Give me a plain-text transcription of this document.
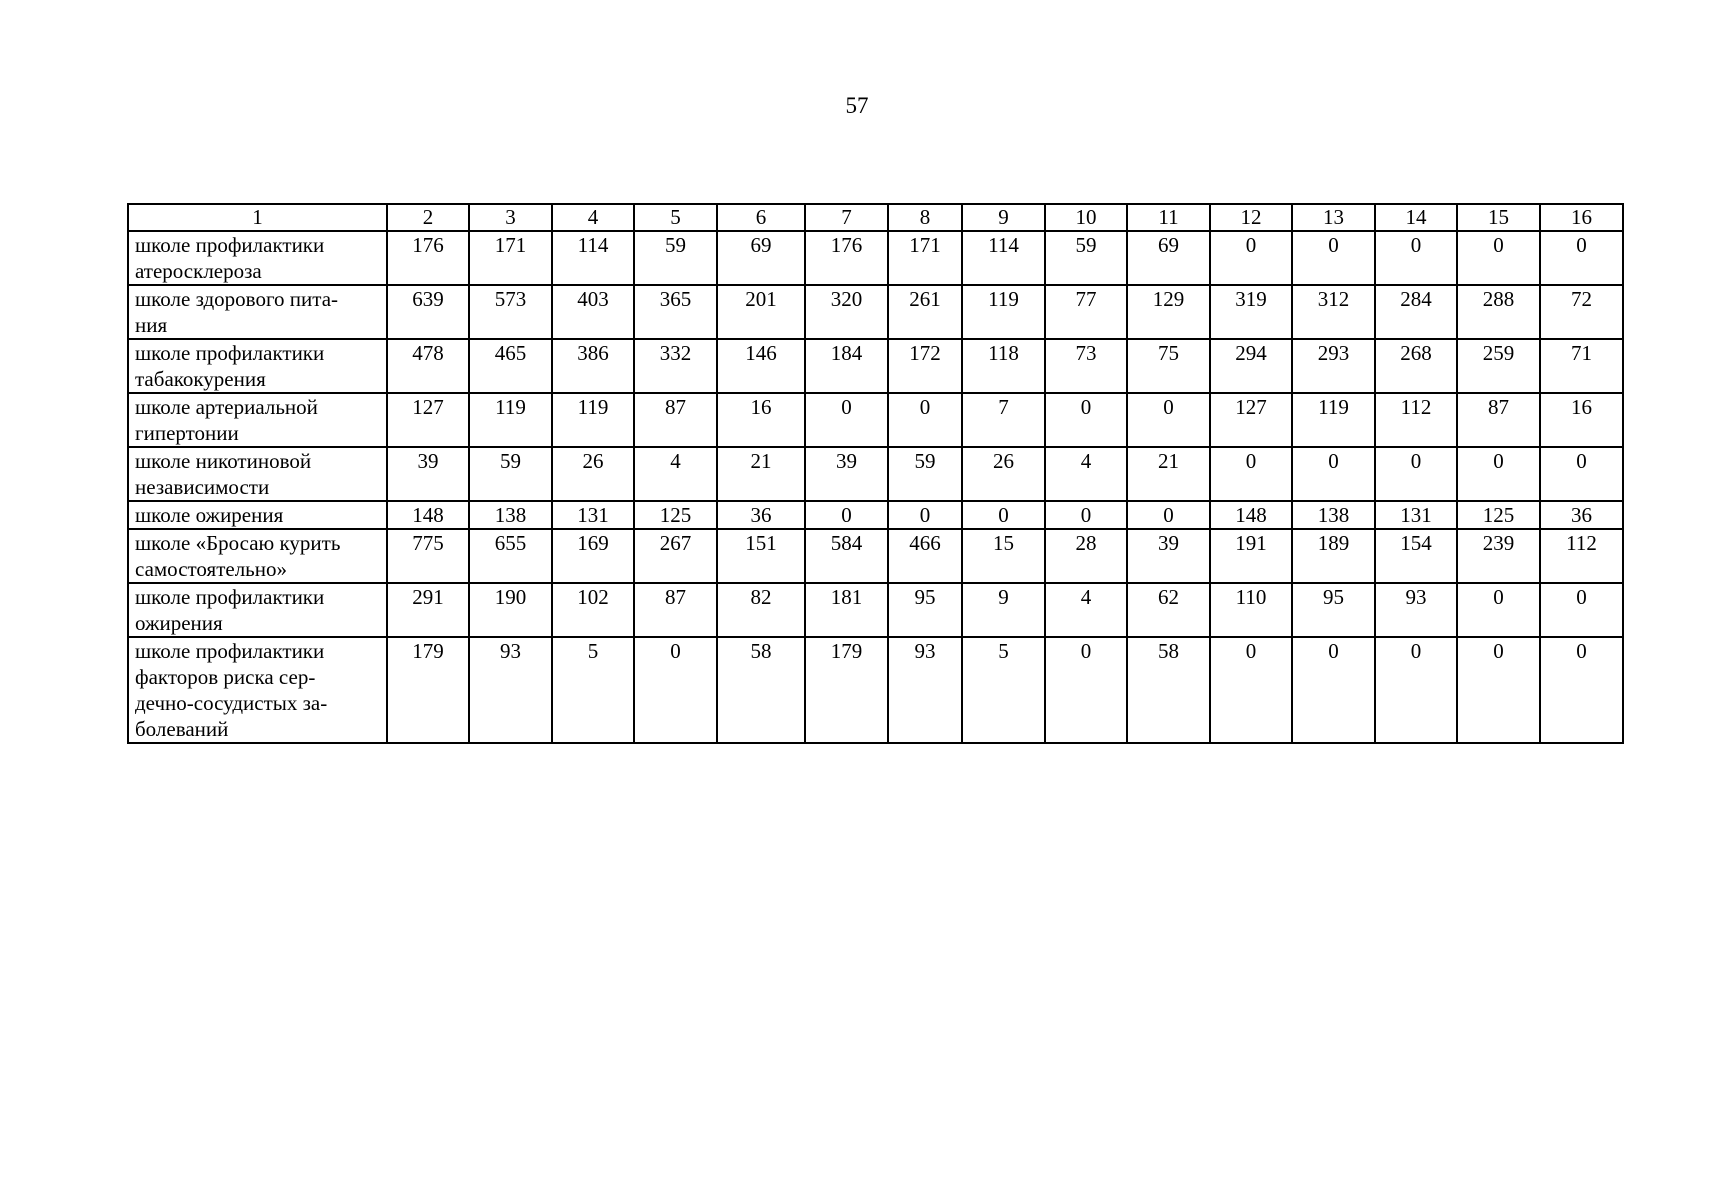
57
1	2	3	4	5	6	7	8	9	10	11	12	13	14	15	16
школе профилактики
атеросклероза	176	171	114	59	69	176	171	114	59	69	0	0	0	0	0
школе здорового пита-
ния	639	573	403	365	201	320	261	119	77	129	319	312	284	288	72
школе профилактики
табакокурения	478	465	386	332	146	184	172	118	73	75	294	293	268	259	71
школе артериальной
гипертонии	127	119	119	87	16	0	0	7	0	0	127	119	112	87	16
школе никотиновой
независимости	39	59	26	4	21	39	59	26	4	21	0	0	0	0	0
школе ожирения	148	138	131	125	36	0	0	0	0	0	148	138	131	125	36
школе «Бросаю курить
самостоятельно»	775	655	169	267	151	584	466	15	28	39	191	189	154	239	112
школе профилактики
ожирения	291	190	102	87	82	181	95	9	4	62	110	95	93	0	0
школе профилактики
факторов риска сер-
дечно-сосудистых за-
болеваний	179	93	5	0	58	179	93	5	0	58	0	0	0	0	0
